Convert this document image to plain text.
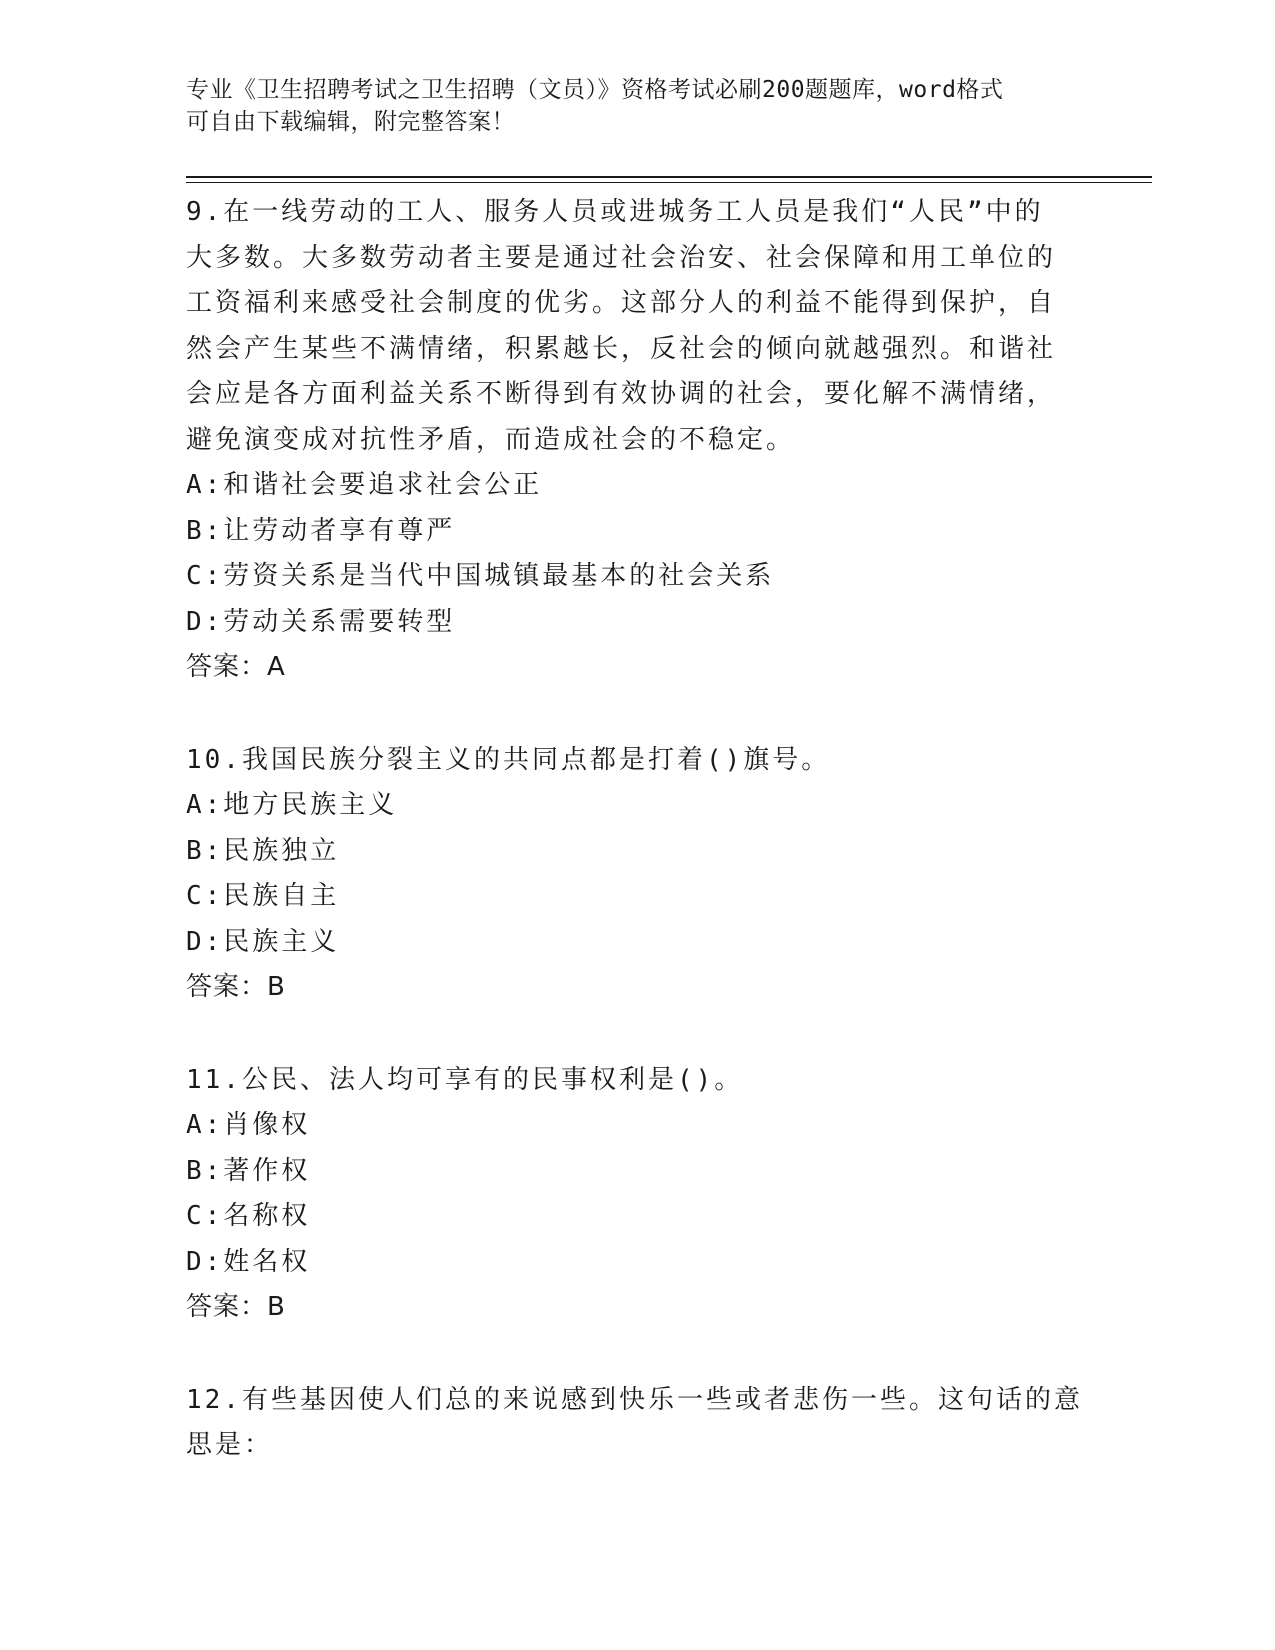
专业《卫生招聘考试之卫生招聘（文员）》资格考试必刷200题题库，word格式
可自由下载编辑，附完整答案！
9.在一线劳动的工人、服务人员或进城务工人员是我们“人民”中的
大多数。大多数劳动者主要是通过社会治安、社会保障和用工单位的
工资福利来感受社会制度的优劣。这部分人的利益不能得到保护，自
然会产生某些不满情绪，积累越长，反社会的倾向就越强烈。和谐社
会应是各方面利益关系不断得到有效协调的社会，要化解不满情绪，
避免演变成对抗性矛盾，而造成社会的不稳定。
A:和谐社会要追求社会公正
B:让劳动者享有尊严
C:劳资关系是当代中国城镇最基本的社会关系
D:劳动关系需要转型
答案：A
10.我国民族分裂主义的共同点都是打着()旗号。
A:地方民族主义
B:民族独立
C:民族自主
D:民族主义
答案：B
11.公民、法人均可享有的民事权利是()。
A:肖像权
B:著作权
C:名称权
D:姓名权
答案：B
12.有些基因使人们总的来说感到快乐一些或者悲伤一些。这句话的意
思是：
